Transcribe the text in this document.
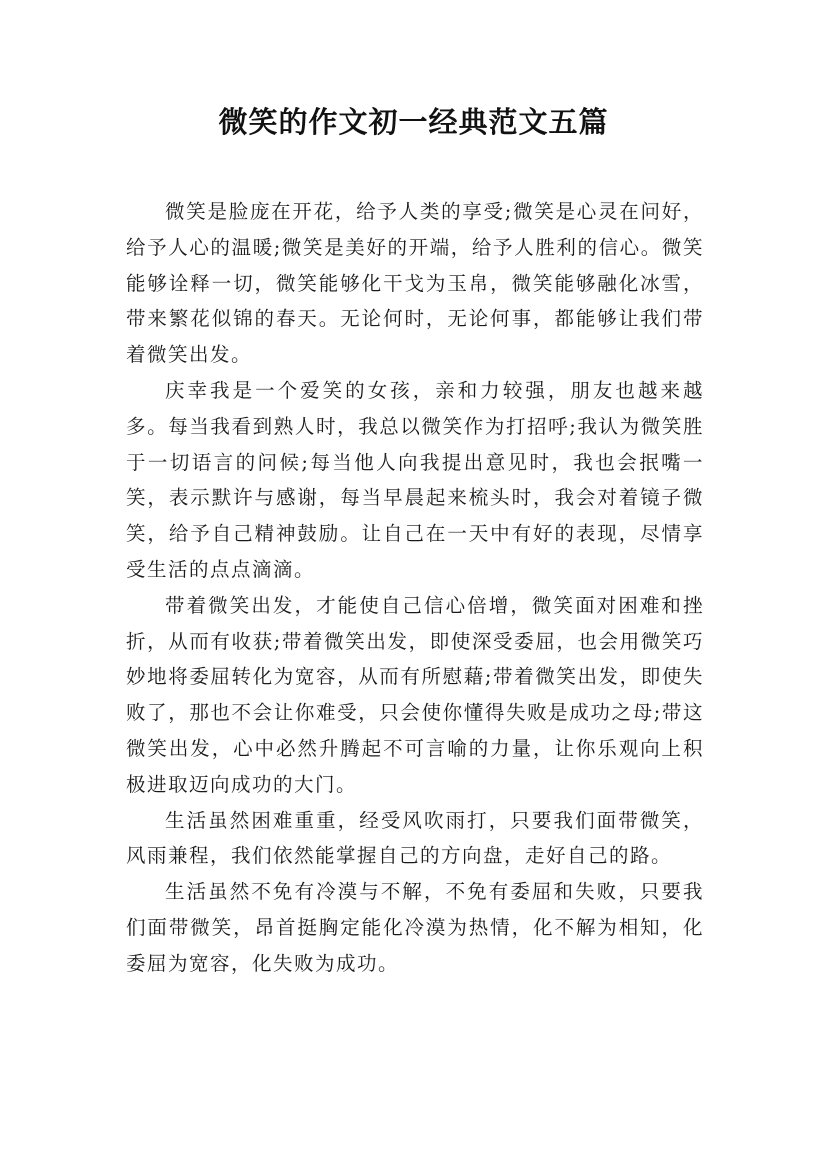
微笑的作文初一经典范文五篇

微笑是脸庞在开花，给予人类的享受;微笑是心灵在问好，给予人心的温暖;微笑是美好的开端，给予人胜利的信心。微笑能够诠释一切，微笑能够化干戈为玉帛，微笑能够融化冰雪，带来繁花似锦的春天。无论何时，无论何事，都能够让我们带着微笑出发。

庆幸我是一个爱笑的女孩，亲和力较强，朋友也越来越多。每当我看到熟人时，我总以微笑作为打招呼;我认为微笑胜于一切语言的问候;每当他人向我提出意见时，我也会抿嘴一笑，表示默许与感谢，每当早晨起来梳头时，我会对着镜子微笑，给予自己精神鼓励。让自己在一天中有好的表现，尽情享受生活的点点滴滴。

带着微笑出发，才能使自己信心倍增，微笑面对困难和挫折，从而有收获;带着微笑出发，即使深受委屈，也会用微笑巧妙地将委屈转化为宽容，从而有所慰藉;带着微笑出发，即使失败了，那也不会让你难受，只会使你懂得失败是成功之母;带这微笑出发，心中必然升腾起不可言喻的力量，让你乐观向上积极进取迈向成功的大门。

生活虽然困难重重，经受风吹雨打，只要我们面带微笑，风雨兼程，我们依然能掌握自己的方向盘，走好自己的路。

生活虽然不免有冷漠与不解，不免有委屈和失败，只要我们面带微笑，昂首挺胸定能化冷漠为热情，化不解为相知，化委屈为宽容，化失败为成功。
